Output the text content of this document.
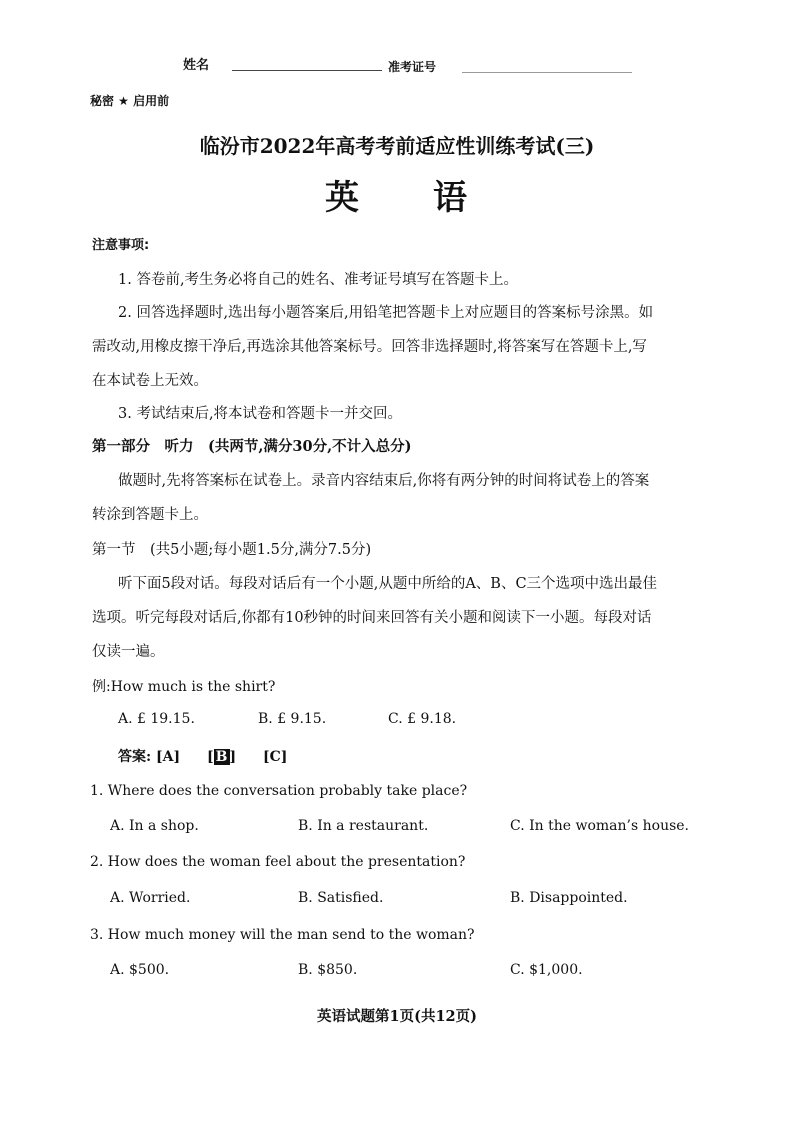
姓名	准考证号
秘密 ★ 启用前
临汾市2022年高考考前适应性训练考试(三)
英　　语
注意事项:
1. 答卷前,考生务必将自己的姓名、准考证号填写在答题卡上。
2. 回答选择题时,选出每小题答案后,用铅笔把答题卡上对应题目的答案标号涂黑。如
需改动,用橡皮擦干净后,再选涂其他答案标号。回答非选择题时,将答案写在答题卡上,写
在本试卷上无效。
3. 考试结束后,将本试卷和答题卡一并交回。
第一部分　听力　(共两节,满分30分,不计入总分)
做题时,先将答案标在试卷上。录音内容结束后,你将有两分钟的时间将试卷上的答案
转涂到答题卡上。
第一节　(共5小题;每小题1.5分,满分7.5分)
听下面5段对话。每段对话后有一个小题,从题中所给的A、B、C三个选项中选出最佳
选项。听完每段对话后,你都有10秒钟的时间来回答有关小题和阅读下一小题。每段对话
仅读一遍。
例:How much is the shirt?
A. £ 19.15.	B. £ 9.15.	C. £ 9.18.
答案: [A] [ B ] [C]
1. Where does the conversation probably take place?
A. In a shop.	B. In a restaurant.	C. In the woman’s house.
2. How does the woman feel about the presentation?
A. Worried.	B. Satisfied.	B. Disappointed.
3. How much money will the man send to the woman?
A. $500.	B. $850.	C. $1,000.
英语试题第1页(共12页)
